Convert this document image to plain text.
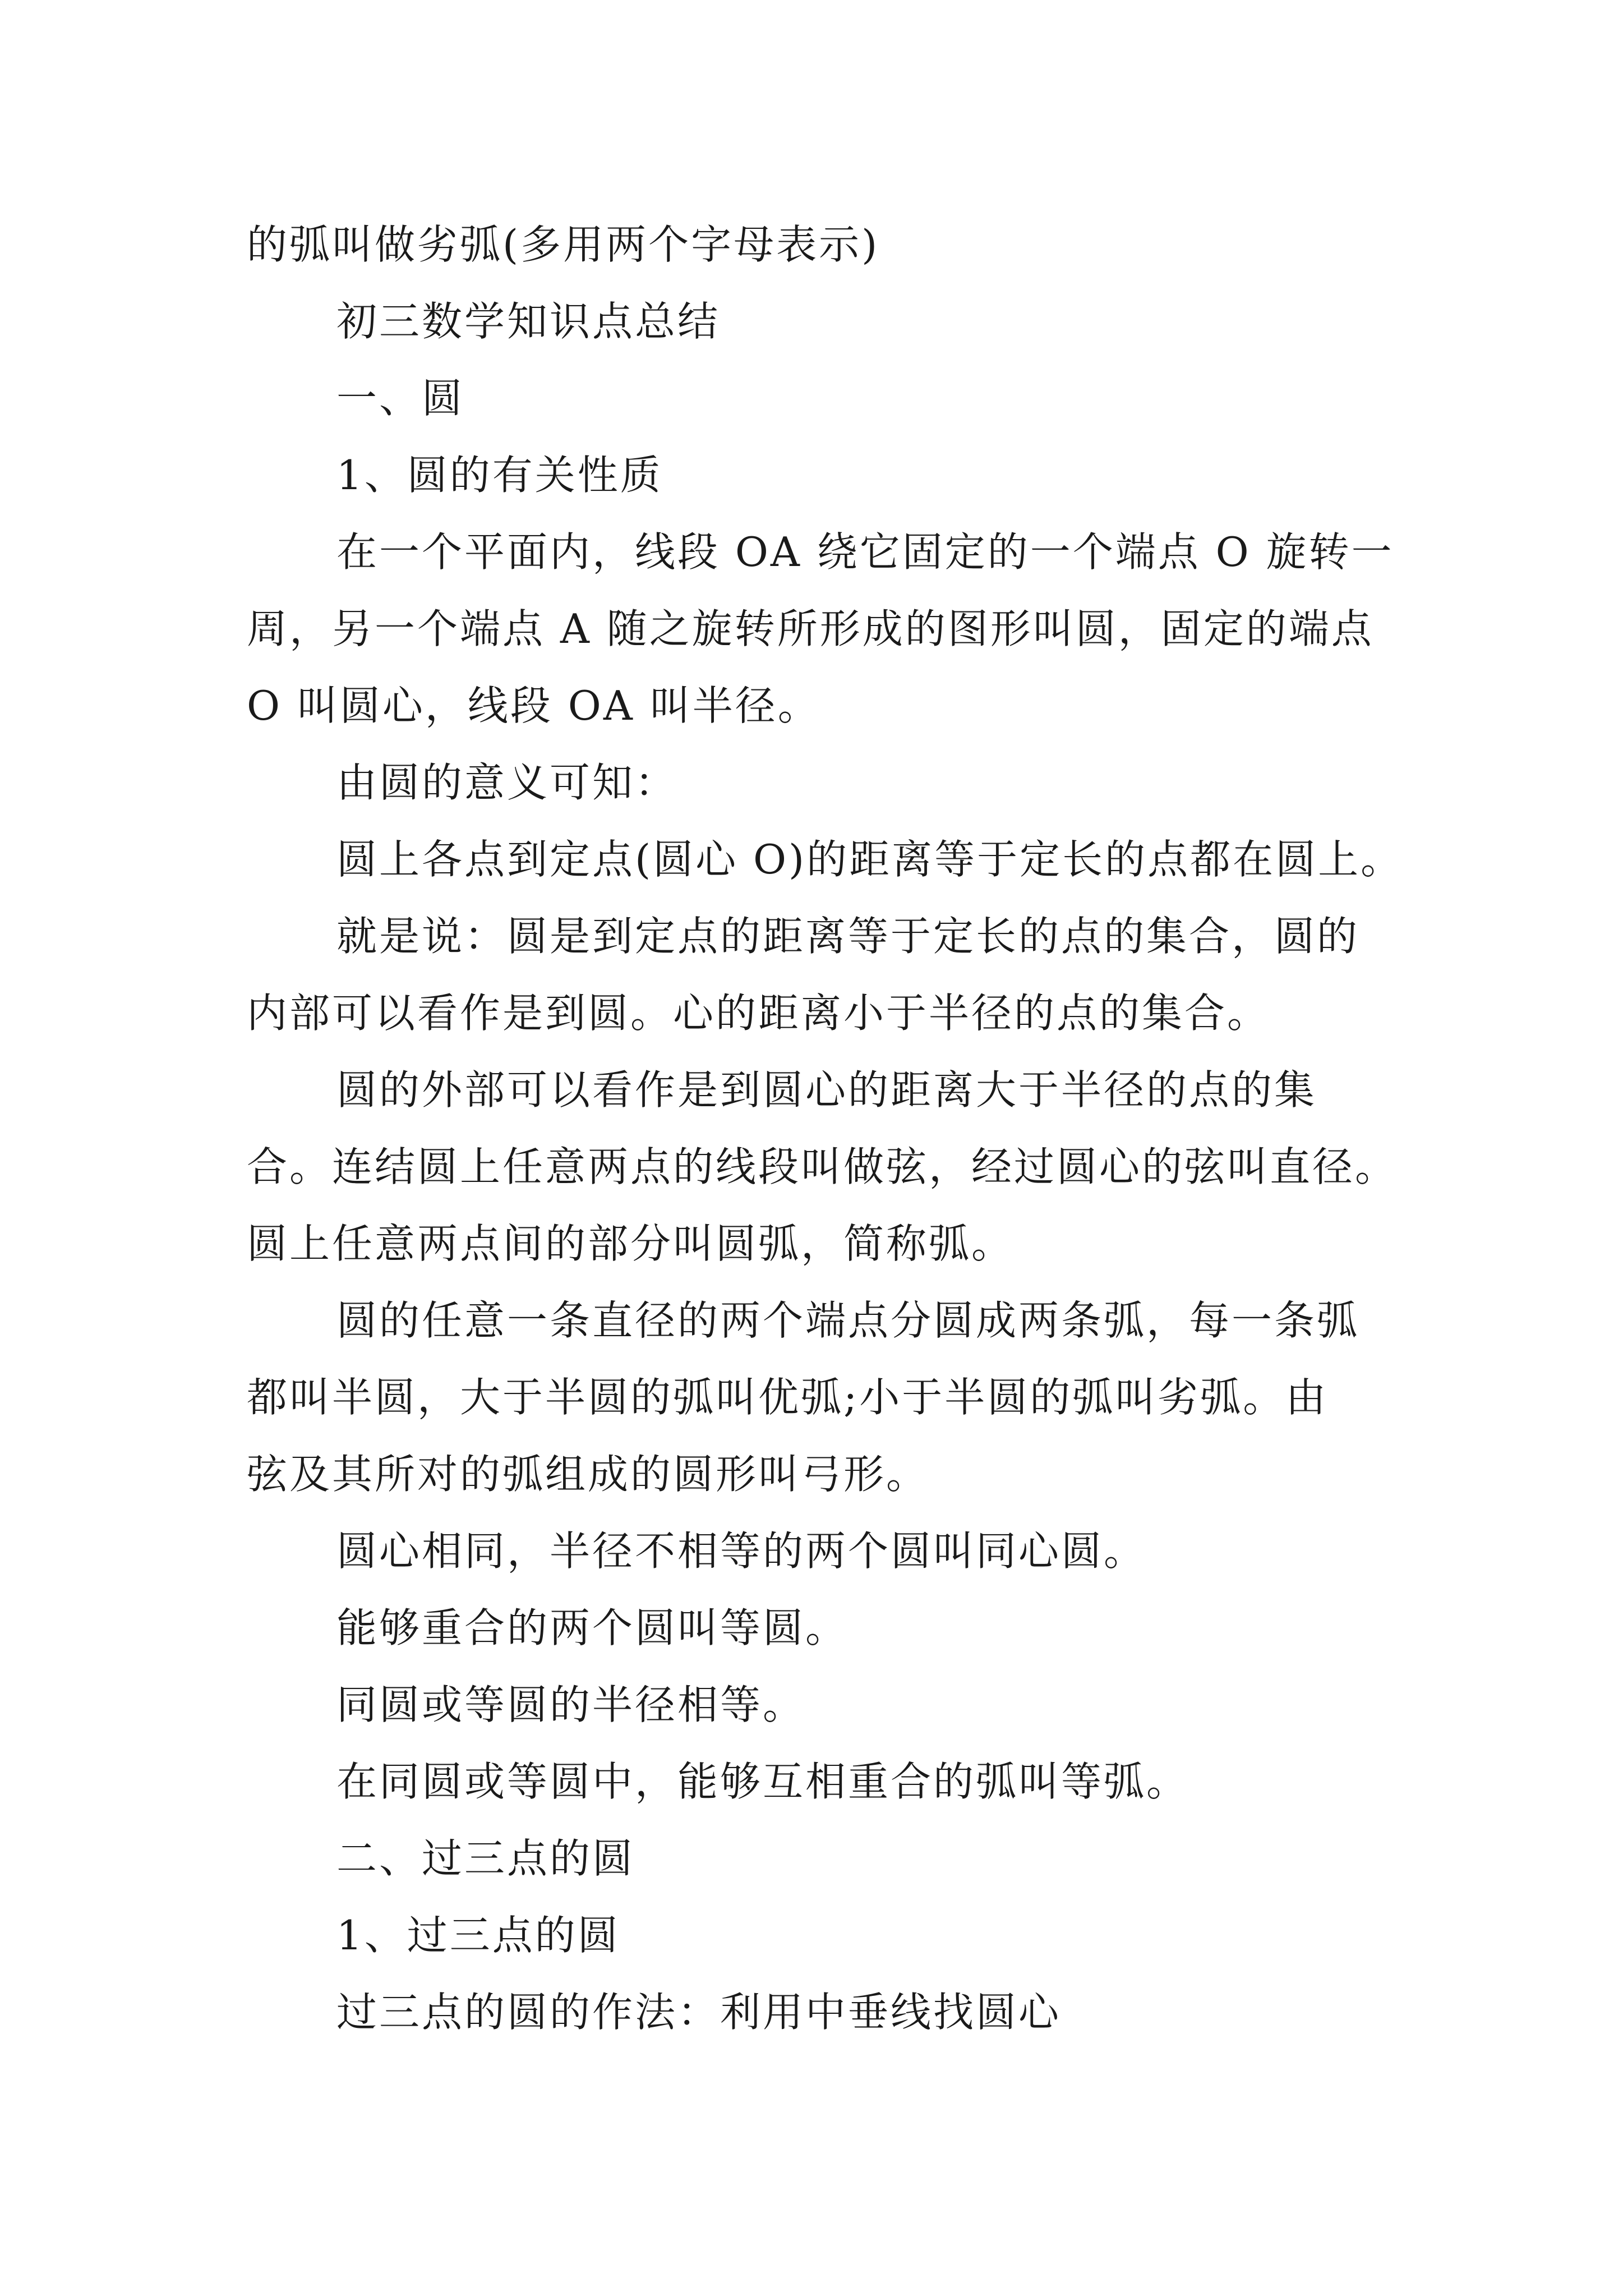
的弧叫做劣弧(多用两个字母表示)
初三数学知识点总结
一、圆
1、圆的有关性质
在一个平面内，线段 OA 绕它固定的一个端点 O 旋转一
周，另一个端点 A 随之旋转所形成的图形叫圆，固定的端点
O 叫圆心，线段 OA 叫半径。
由圆的意义可知：
圆上各点到定点(圆心 O)的距离等于定长的点都在圆上。
就是说：圆是到定点的距离等于定长的点的集合，圆的
内部可以看作是到圆。心的距离小于半径的点的集合。
圆的外部可以看作是到圆心的距离大于半径的点的集
合。连结圆上任意两点的线段叫做弦，经过圆心的弦叫直径。
圆上任意两点间的部分叫圆弧，简称弧。
圆的任意一条直径的两个端点分圆成两条弧，每一条弧
都叫半圆，大于半圆的弧叫优弧;小于半圆的弧叫劣弧。由
弦及其所对的弧组成的圆形叫弓形。
圆心相同，半径不相等的两个圆叫同心圆。
能够重合的两个圆叫等圆。
同圆或等圆的半径相等。
在同圆或等圆中，能够互相重合的弧叫等弧。
二、过三点的圆
1、过三点的圆
过三点的圆的作法：利用中垂线找圆心
